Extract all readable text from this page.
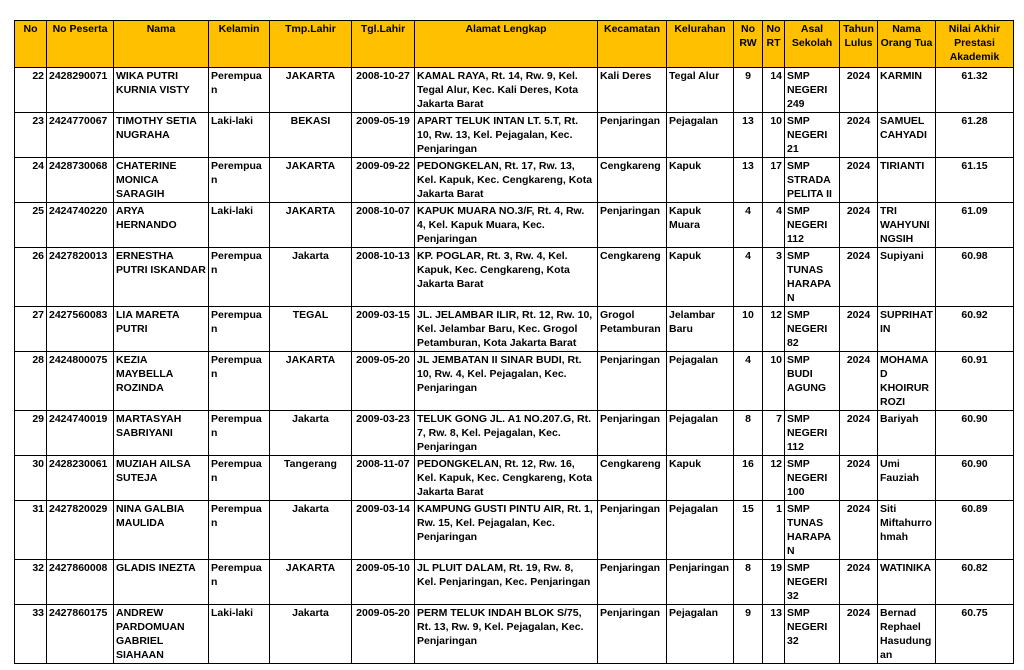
No	No Peserta	Nama	Kelamin	Tmp.Lahir	Tgl.Lahir	Alamat Lengkap	Kecamatan	Kelurahan	No RW	No RT	Asal Sekolah	Tahun Lulus	Nama Orang Tua	Nilai Akhir Prestasi Akademik
22	2428290071	WIKA PUTRI KURNIA VISTY	Perempuan	JAKARTA	2008-10-27	KAMAL RAYA, Rt. 14, Rw. 9, Kel. Tegal Alur, Kec. Kali Deres, Kota Jakarta Barat	Kali Deres	Tegal Alur	9	14	SMP NEGERI 249	2024	KARMIN	61.32
23	2424770067	TIMOTHY SETIA NUGRAHA	Laki-laki	BEKASI	2009-05-19	APART TELUK INTAN LT. 5.T, Rt. 10, Rw. 13, Kel. Pejagalan, Kec. Penjaringan	Penjaringan	Pejagalan	13	10	SMP NEGERI 21	2024	SAMUEL CAHYADI	61.28
24	2428730068	CHATERINE MONICA SARAGIH	Perempuan	JAKARTA	2009-09-22	PEDONGKELAN, Rt. 17, Rw. 13, Kel. Kapuk, Kec. Cengkareng, Kota Jakarta Barat	Cengkareng	Kapuk	13	17	SMP STRADA PELITA II	2024	TIRIANTI	61.15
25	2424740220	ARYA HERNANDO	Laki-laki	JAKARTA	2008-10-07	KAPUK MUARA NO.3/F, Rt. 4, Rw. 4, Kel. Kapuk Muara, Kec. Penjaringan	Penjaringan	Kapuk Muara	4	4	SMP NEGERI 112	2024	TRI WAHYUNI NGSIH	61.09
26	2427820013	ERNESTHA PUTRI ISKANDAR	Perempuan	Jakarta	2008-10-13	KP. POGLAR, Rt. 3, Rw. 4, Kel. Kapuk, Kec. Cengkareng, Kota Jakarta Barat	Cengkareng	Kapuk	4	3	SMP TUNAS HARAPAN	2024	Supiyani	60.98
27	2427560083	LIA MARETA PUTRI	Perempuan	TEGAL	2009-03-15	JL. JELAMBAR ILIR, Rt. 12, Rw. 10, Kel. Jelambar Baru, Kec. Grogol Petamburan, Kota Jakarta Barat	Grogol Petamburan	Jelambar Baru	10	12	SMP NEGERI 82	2024	SUPRIHATIN	60.92
28	2424800075	KEZIA MAYBELLA ROZINDA	Perempuan	JAKARTA	2009-05-20	JL JEMBATAN II SINAR BUDI, Rt. 10, Rw. 4, Kel. Pejagalan, Kec. Penjaringan	Penjaringan	Pejagalan	4	10	SMP BUDI AGUNG	2024	MOHAMAD KHOIRUR ROZI	60.91
29	2424740019	MARTASYAH SABRIYANI	Perempuan	Jakarta	2009-03-23	TELUK GONG JL. A1 NO.207.G, Rt. 7, Rw. 8, Kel. Pejagalan, Kec. Penjaringan	Penjaringan	Pejagalan	8	7	SMP NEGERI 112	2024	Bariyah	60.90
30	2428230061	MUZIAH AILSA SUTEJA	Perempuan	Tangerang	2008-11-07	PEDONGKELAN, Rt. 12, Rw. 16, Kel. Kapuk, Kec. Cengkareng, Kota Jakarta Barat	Cengkareng	Kapuk	16	12	SMP NEGERI 100	2024	Umi Fauziah	60.90
31	2427820029	NINA GALBIA MAULIDA	Perempuan	Jakarta	2009-03-14	KAMPUNG GUSTI PINTU AIR, Rt. 1, Rw. 15, Kel. Pejagalan, Kec. Penjaringan	Penjaringan	Pejagalan	15	1	SMP TUNAS HARAPAN	2024	Siti Miftahurrohmah	60.89
32	2427860008	GLADIS INEZTA	Perempuan	JAKARTA	2009-05-10	JL PLUIT DALAM, Rt. 19, Rw. 8, Kel. Penjaringan, Kec. Penjaringan	Penjaringan	Penjaringan	8	19	SMP NEGERI 32	2024	WATINIKA	60.82
33	2427860175	ANDREW PARDOMUAN GABRIEL SIAHAAN	Laki-laki	Jakarta	2009-05-20	PERM TELUK INDAH BLOK S/75, Rt. 13, Rw. 9, Kel. Pejagalan, Kec. Penjaringan	Penjaringan	Pejagalan	9	13	SMP NEGERI 32	2024	Bernad Rephael Hasudungan	60.75
